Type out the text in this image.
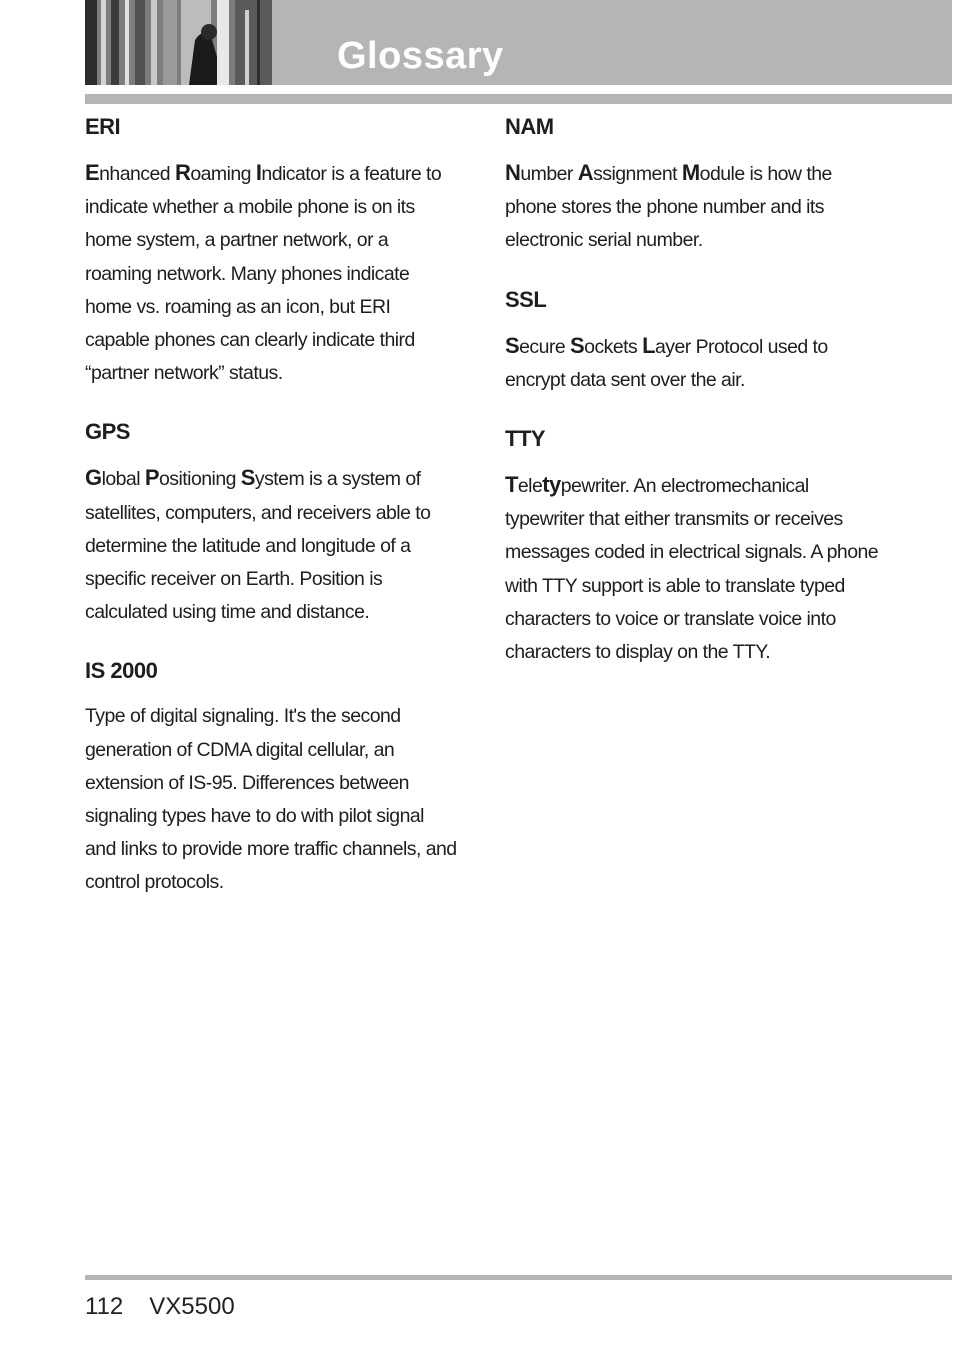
Glossary
ERI

Enhanced Roaming Indicator is a feature to indicate whether a mobile phone is on its home system, a partner network, or a roaming network. Many phones indicate home vs. roaming as an icon, but ERI capable phones can clearly indicate third “partner network” status.

GPS

Global Positioning System is a system of satellites, computers, and receivers able to determine the latitude and longitude of a specific receiver on Earth. Position is calculated using time and distance.

IS 2000

Type of digital signaling. It's the second generation of CDMA digital cellular, an extension of IS-95. Differences between signaling types have to do with pilot signal and links to provide more traffic channels, and control protocols.

NAM

Number Assignment Module is how the phone stores the phone number and its electronic serial number.

SSL

Secure Sockets Layer Protocol used to encrypt data sent over the air.

TTY

Teletypewriter. An electromechanical typewriter that either transmits or receives messages coded in electrical signals. A phone with TTY support is able to translate typed characters to voice or translate voice into characters to display on the TTY.

112 VX5500
